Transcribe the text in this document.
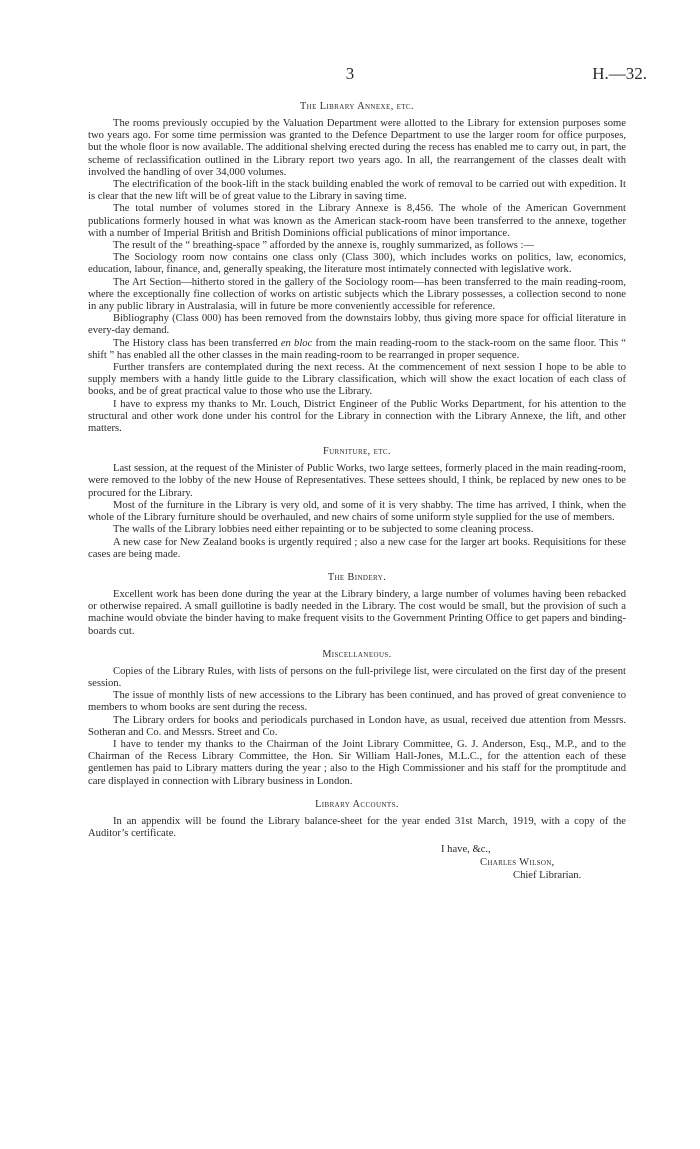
3	H.—32.
The Library Annexe, etc.

The rooms previously occupied by the Valuation Department were allotted to the Library for extension purposes some two years ago. For some time permission was granted to the Defence Department to use the larger room for office purposes, but the whole floor is now available. The additional shelving erected during the recess has enabled me to carry out, in part, the scheme of reclassification outlined in the Library report two years ago. In all, the rearrangement of the classes dealt with involved the handling of over 34,000 volumes.

The electrification of the book-lift in the stack building enabled the work of removal to be carried out with expedition. It is clear that the new lift will be of great value to the Library in saving time.

The total number of volumes stored in the Library Annexe is 8,456. The whole of the American Government publications formerly housed in what was known as the American stack-room have been transferred to the annexe, together with a number of Imperial British and British Dominions official publications of minor importance.

The result of the “ breathing-space ” afforded by the annexe is, roughly summarized, as follows :—

The Sociology room now contains one class only (Class 300), which includes works on politics, law, economics, education, labour, finance, and, generally speaking, the literature most intimately connected with legislative work.

The Art Section—hitherto stored in the gallery of the Sociology room—has been transferred to the main reading-room, where the exceptionally fine collection of works on artistic subjects which the Library possesses, a collection second to none in any public library in Australasia, will in future be more conveniently accessible for reference.

Bibliography (Class 000) has been removed from the downstairs lobby, thus giving more space for official literature in every-day demand.

The History class has been transferred en bloc from the main reading-room to the stack-room on the same floor. This “ shift ” has enabled all the other classes in the main reading-room to be rearranged in proper sequence.

Further transfers are contemplated during the next recess. At the commencement of next session I hope to be able to supply members with a handy little guide to the Library classification, which will show the exact location of each class of books, and be of great practical value to those who use the Library.

I have to express my thanks to Mr. Louch, District Engineer of the Public Works Department, for his attention to the structural and other work done under his control for the Library in connection with the Library Annexe, the lift, and other matters.

Furniture, etc.

Last session, at the request of the Minister of Public Works, two large settees, formerly placed in the main reading-room, were removed to the lobby of the new House of Representatives. These settees should, I think, be replaced by new ones to be procured for the Library.

Most of the furniture in the Library is very old, and some of it is very shabby. The time has arrived, I think, when the whole of the Library furniture should be overhauled, and new chairs of some uniform style supplied for the use of members.

The walls of the Library lobbies need either repainting or to be subjected to some cleaning process.

A new case for New Zealand books is urgently required ; also a new case for the larger art books. Requisitions for these cases are being made.

The Bindery.

Excellent work has been done during the year at the Library bindery, a large number of volumes having been rebacked or otherwise repaired. A small guillotine is badly needed in the Library. The cost would be small, but the provision of such a machine would obviate the binder having to make frequent visits to the Government Printing Office to get papers and binding-boards cut.

Miscellaneous.

Copies of the Library Rules, with lists of persons on the full-privilege list, were circulated on the first day of the present session.

The issue of monthly lists of new accessions to the Library has been continued, and has proved of great convenience to members to whom books are sent during the recess.

The Library orders for books and periodicals purchased in London have, as usual, received due attention from Messrs. Sotheran and Co. and Messrs. Street and Co.

I have to tender my thanks to the Chairman of the Joint Library Committee, G. J. Anderson, Esq., M.P., and to the Chairman of the Recess Library Committee, the Hon. Sir William Hall-Jones, M.L.C., for the attention each of these gentlemen has paid to Library matters during the year ; also to the High Commissioner and his staff for the promptitude and care displayed in connection with Library business in London.

Library Accounts.

In an appendix will be found the Library balance-sheet for the year ended 31st March, 1919, with a copy of the Auditor’s certificate.

I have, &c.,
Charles Wilson,
Chief Librarian.
